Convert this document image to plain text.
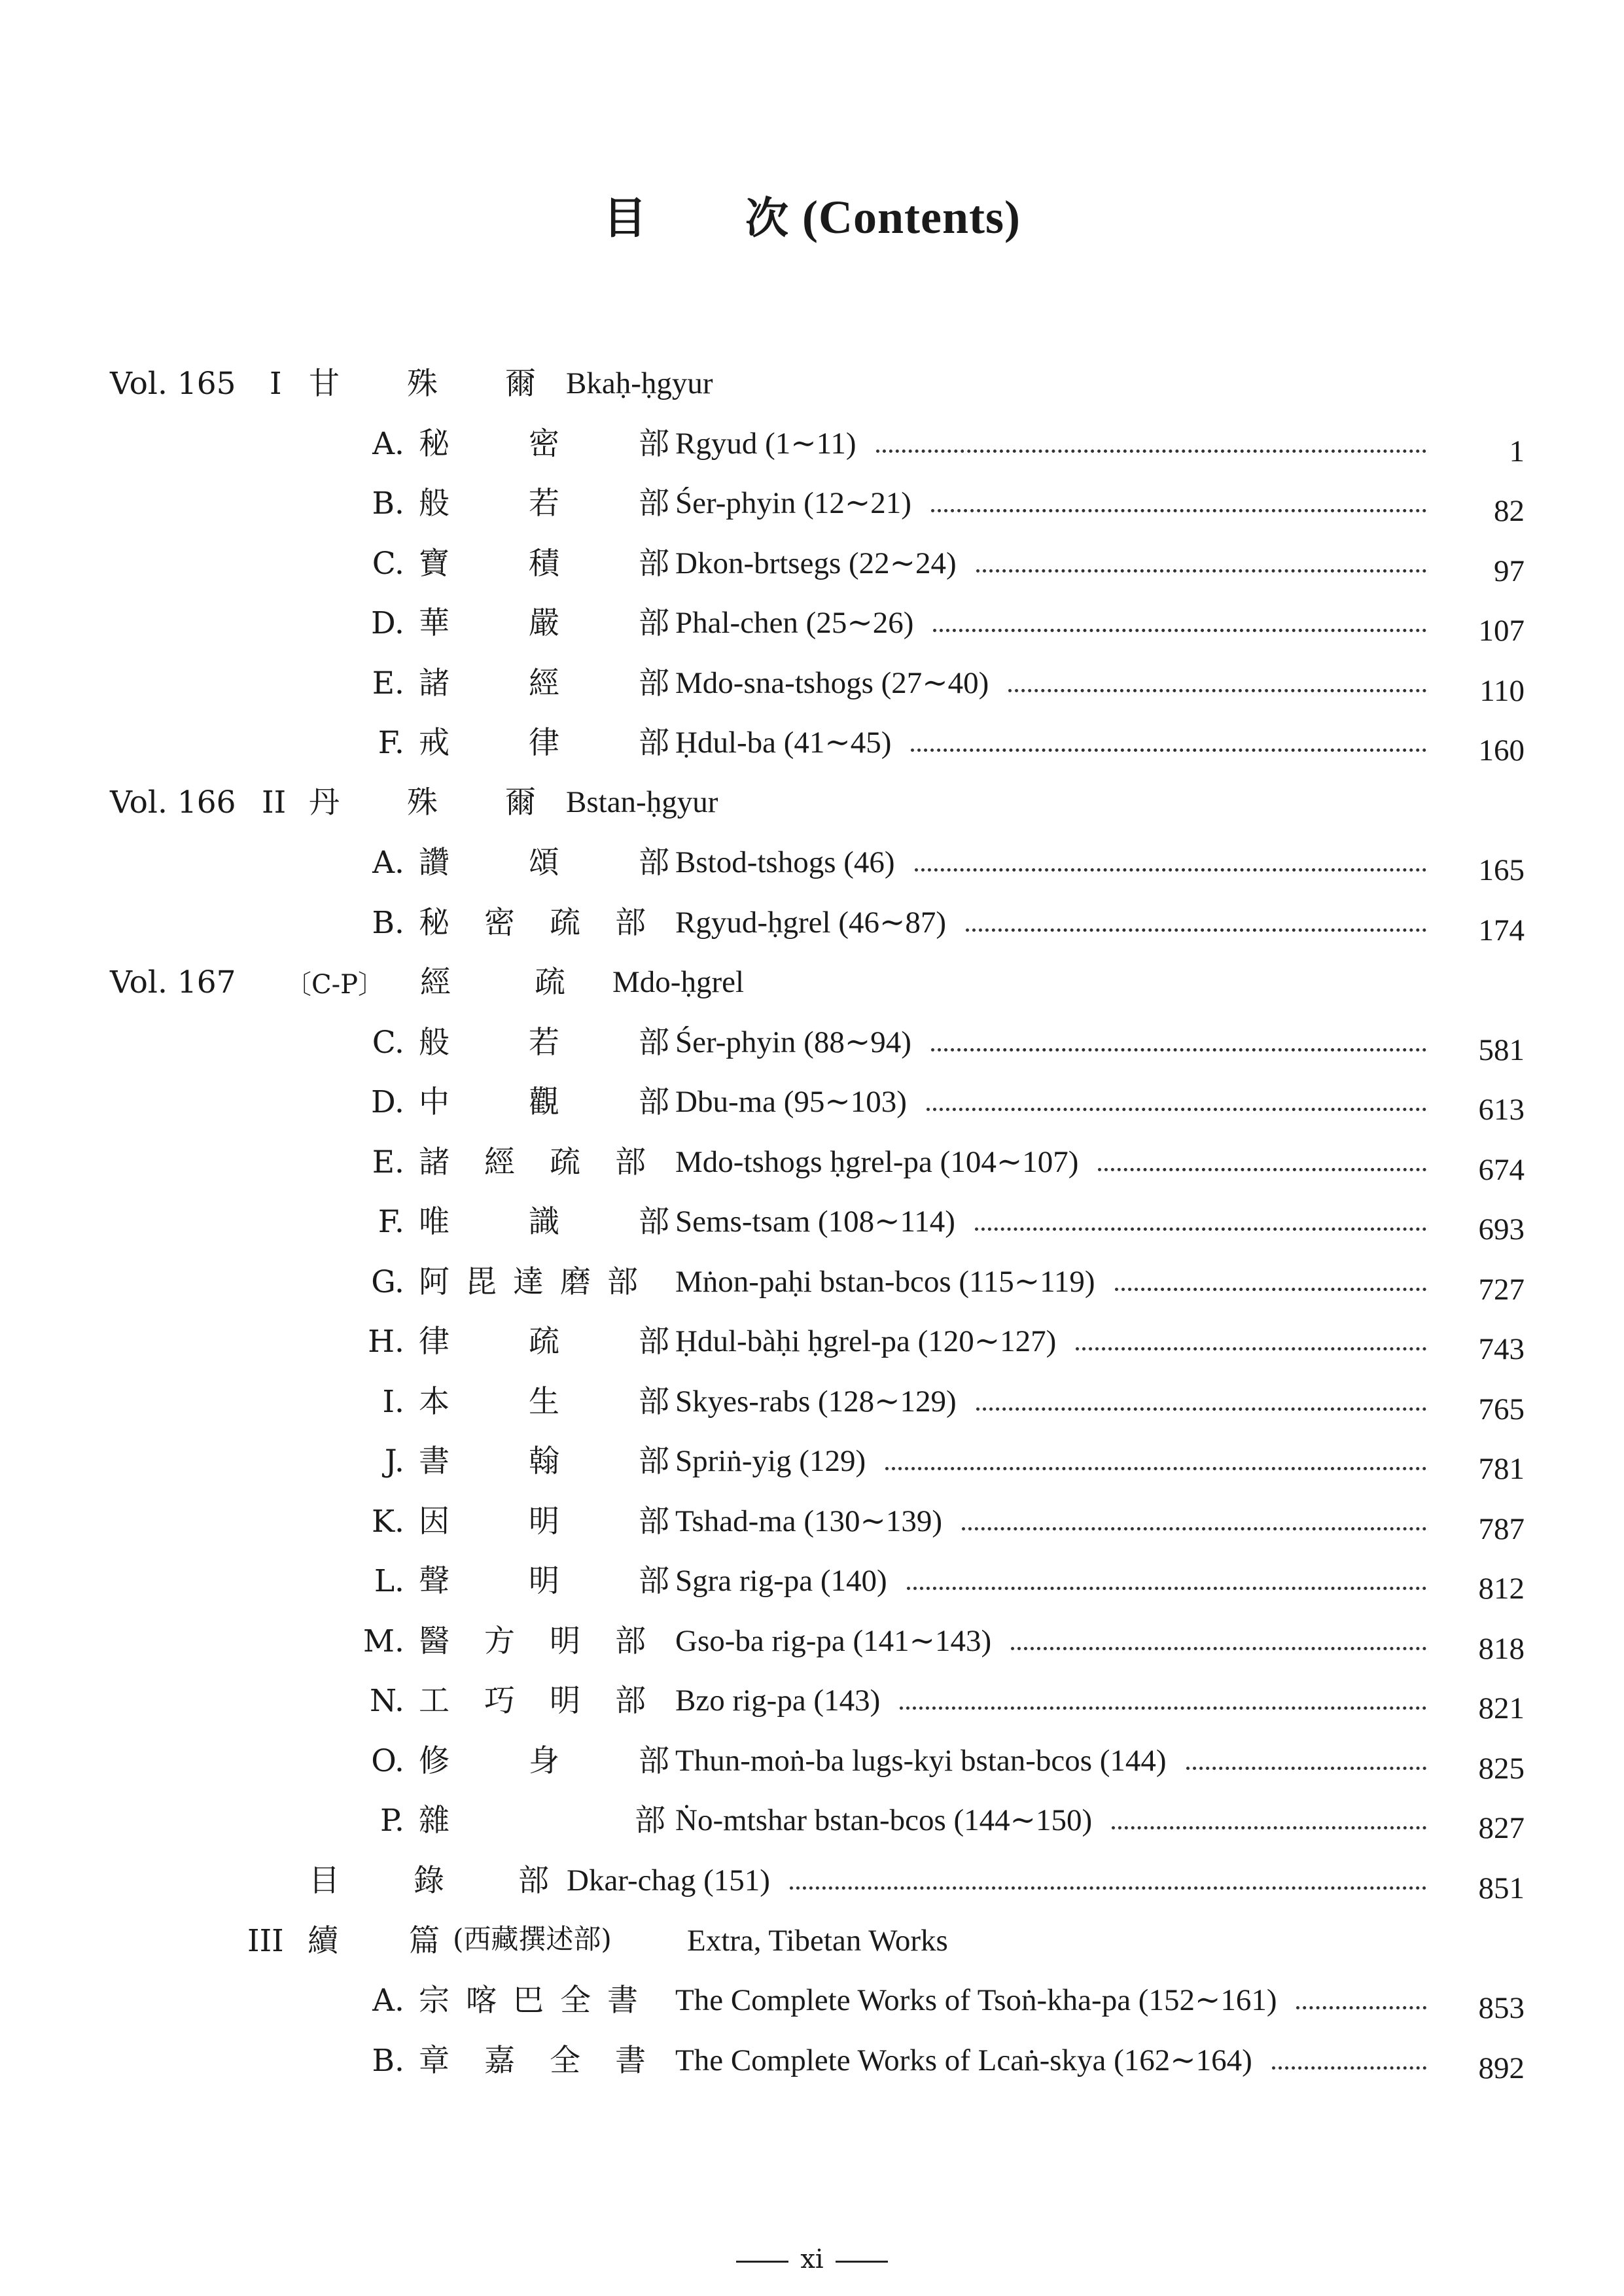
目 次 (Contents)
Vol. 165	I 甘 殊 爾 Bkaḥ-ḥgyur
A. 秘	密	部 Rgyud (1∼11)	1
B. 般	若	部 Śer-phyin (12∼21)	82
C. 寶	積	部 Dkon-brtsegs (22∼24)	97
D. 華	嚴	部 Phal-chen (25∼26)	107
E. 諸	經	部 Mdo-sna-tshogs (27∼40)	110
F. 戒	律	部 Ḥdul-ba (41∼45)	160
Vol. 166 II 丹 殊 爾 Bstan-ḥgyur
A. 讚	頌	部 Bstod-tshogs (46)	165
B. 秘 密 疏 部 Rgyud-ḥgrel (46∼87)	174
Vol. 167	〔C-P〕 經	疏 Mdo-ḥgrel
C. 般	若	部 Śer-phyin (88∼94)	581
D. 中	觀	部 Dbu-ma (95∼103)	613
E. 諸 經 疏 部 Mdo-tshogs ḥgrel-pa (104∼107)	674
F. 唯	識	部 Sems-tsam (108∼114)	693
G. 阿 毘 達 磨 部 Mṅon-paḥi bstan-bcos (115∼119)	727
H. 律	疏	部 Ḥdul-bàḥi ḥgrel-pa (120∼127)	743
I. 本	生	部 Skyes-rabs (128∼129)	765
J. 書	翰	部 Spriṅ-yig (129)	781
K. 因	明	部 Tshad-ma (130∼139)	787
L. 聲	明	部 Sgra rig-pa (140)	812
M. 醫 方 明 部 Gso-ba rig-pa (141∼143)	818
N. 工 巧 明 部 Bzo rig-pa (143)	821
O. 修	身	部 Thun-moṅ-ba lugs-kyi bstan-bcos (144)	825
P. 雜	部 Ṅo-mtshar bstan-bcos (144∼150)	827
目 錄 部 Dkar-chag (151)	851
III 續 篇 (西藏撰述部) Extra, Tibetan Works
A. 宗 喀 巴 全 書 The Complete Works of Tsoṅ-kha-pa (152∼161)	853
B. 章 嘉 全 書 The Complete Works of Lcaṅ-skya (162∼164)	892
xi
